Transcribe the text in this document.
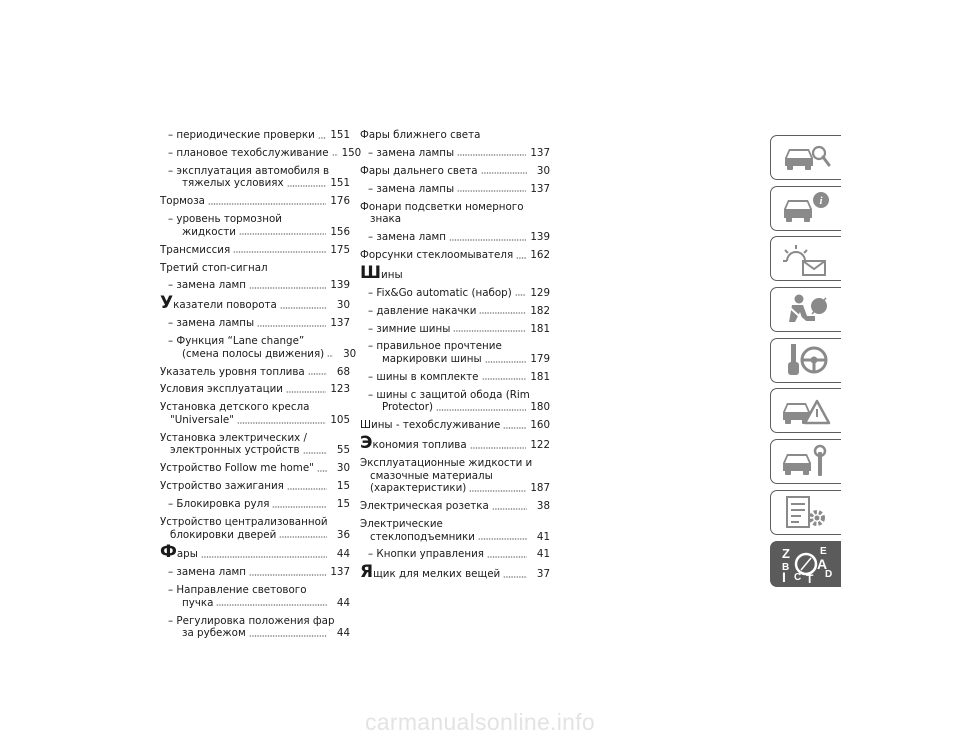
– периодические проверки 151
– плановое техобслуживание 150
– эксплуатация автомобиля в
тяжелых условиях	151
Тормоза	176
– уровень тормозной
жидкости	156
Трансмиссия	175
Третий стоп-сигнал
– замена ламп	139
Указатели поворота	30
– замена лампы	137
– Функция “Lane change”
(смена полосы движения)	30
Указатель уровня топлива	68
Условия эксплуатации	123
Установка детского кресла
"Universale"	105
Установка электрических /
электронных устройств	55
Устройство Follow me home"	30
Устройство зажигания	15
– Блокировка руля	15
Устройство централизованной
блокировки дверей	36
Фары	44
– замена ламп	137
– Направление светового
пучка	44
– Регулировка положения фар
за рубежом	44
Фары ближнего света
– замена лампы	137
Фары дальнего света	30
– замена лампы	137
Фонари подсветки номерного
знака
– замена ламп	139
Форсунки стеклоомывателя 162
Шины
– Fix&Go automatic (набор) 129
– давление накачки	182
– зимние шины	181
– правильное прочтение
маркировки шины	179
– шины в комплекте	181
– шины с защитой обода (Rim
Protector)	180
Шины - техобслуживание	160
Экономия топлива	122
Эксплуатационные жидкости и
смазочные материалы
(характеристики)	187
Электрическая розетка	38
Электрические
стеклоподъемники	41
– Кнопки управления	41
Ящик для мелких вещей	37
i
Z	E
B A
D
I C T
carmanualsonline.info
